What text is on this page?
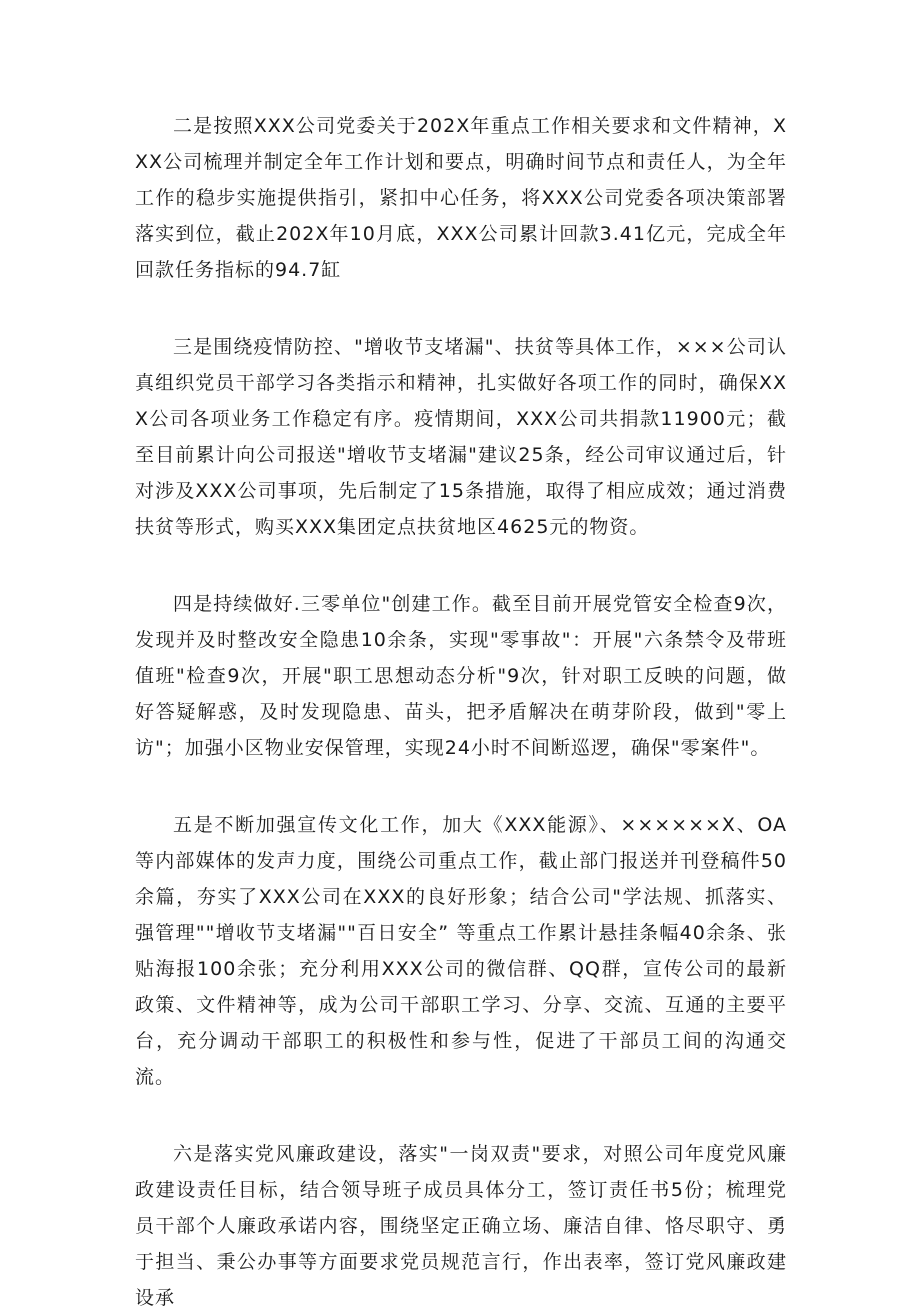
二是按照XXX公司党委关于202X年重点工作相关要求和文件精神，XXX公司梳理并制定全年工作计划和要点，明确时间节点和责任人，为全年工作的稳步实施提供指引，紧扣中心任务，将XXX公司党委各项决策部署落实到位，截止202X年10月底，XXX公司累计回款3.41亿元，完成全年回款任务指标的94.7缸

三是围绕疫情防控、"增收节支堵漏"、扶贫等具体工作，×××公司认真组织党员干部学习各类指示和精神，扎实做好各项工作的同时，确保XXX公司各项业务工作稳定有序。疫情期间，XXX公司共捐款11900元；截至目前累计向公司报送"增收节支堵漏"建议25条，经公司审议通过后，针对涉及XXX公司事项，先后制定了15条措施，取得了相应成效；通过消费扶贫等形式，购买XXX集团定点扶贫地区4625元的物资。

四是持续做好.三零单位"创建工作。截至目前开展党管安全检查9次，发现并及时整改安全隐患10余条，实现"零事故"：开展"六条禁令及带班值班"检查9次，开展"职工思想动态分析"9次，针对职工反映的问题，做好答疑解惑，及时发现隐患、苗头，把矛盾解决在萌芽阶段，做到"零上访"；加强小区物业安保管理，实现24小时不间断巡逻，确保"零案件"。

五是不断加强宣传文化工作，加大《XXX能源》、××××××X、OA等内部媒体的发声力度，围绕公司重点工作，截止部门报送并刊登稿件50余篇，夯实了XXX公司在XXX的良好形象；结合公司"学法规、抓落实、强管理""增收节支堵漏""百日安全” 等重点工作累计悬挂条幅40余条、张贴海报100余张；充分利用XXX公司的微信群、QQ群，宣传公司的最新政策、文件精神等，成为公司干部职工学习、分享、交流、互通的主要平台，充分调动干部职工的积极性和参与性，促进了干部员工间的沟通交流。

六是落实党风廉政建设，落实"一岗双责"要求，对照公司年度党风廉政建设责任目标，结合领导班子成员具体分工，签订责任书5份；梳理党员干部个人廉政承诺内容，围绕坚定正确立场、廉洁自律、恪尽职守、勇于担当、秉公办事等方面要求党员规范言行，作出表率，签订党风廉政建设承
